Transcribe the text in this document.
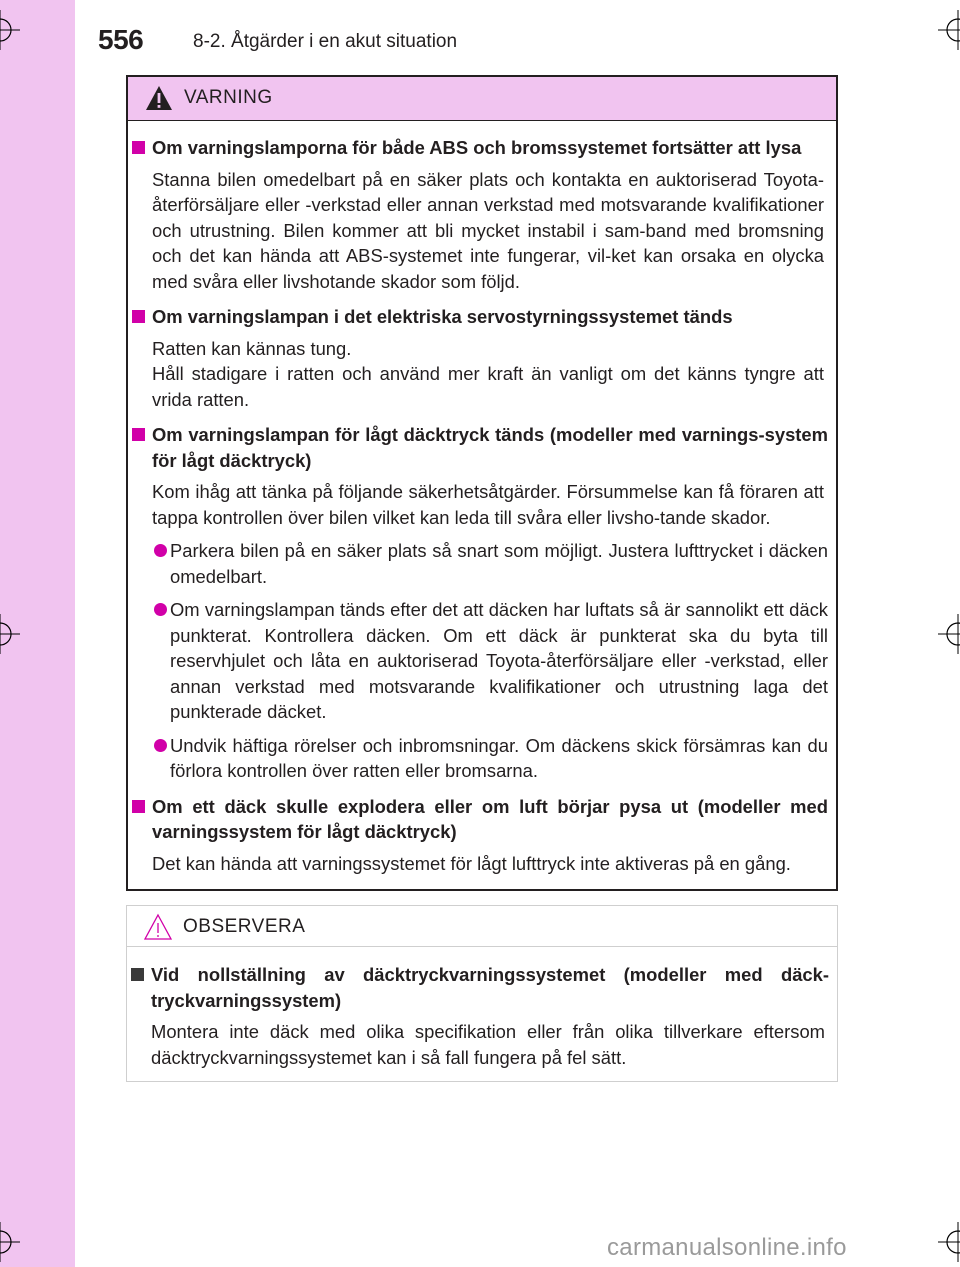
556	8-2. Åtgärder i en akut situation
VARNING
Om varningslamporna för både ABS och bromssystemet fortsätter att lysa
Stanna bilen omedelbart på en säker plats och kontakta en auktoriserad Toyota-återförsäljare eller -verkstad eller annan verkstad med motsvarande kvalifikationer och utrustning. Bilen kommer att bli mycket instabil i sam-band med bromsning och det kan hända att ABS-systemet inte fungerar, vil-ket kan orsaka en olycka med svåra eller livshotande skador som följd.
Om varningslampan i det elektriska servostyrningssystemet tänds
Ratten kan kännas tung.
Håll stadigare i ratten och använd mer kraft än vanligt om det känns tyngre att vrida ratten.
Om varningslampan för lågt däcktryck tänds (modeller med varnings-system för lågt däcktryck)
Kom ihåg att tänka på följande säkerhetsåtgärder. Försummelse kan få föraren att tappa kontrollen över bilen vilket kan leda till svåra eller livsho-tande skador.
Parkera bilen på en säker plats så snart som möjligt. Justera lufttrycket i däcken omedelbart.
Om varningslampan tänds efter det att däcken har luftats så är sannolikt ett däck punkterat. Kontrollera däcken. Om ett däck är punkterat ska du byta till reservhjulet och låta en auktoriserad Toyota-återförsäljare eller -verkstad, eller annan verkstad med motsvarande kvalifikationer och utrustning laga det punkterade däcket.
Undvik häftiga rörelser och inbromsningar. Om däckens skick försämras kan du förlora kontrollen över ratten eller bromsarna.
Om ett däck skulle explodera eller om luft börjar pysa ut (modeller med varningssystem för lågt däcktryck)
Det kan hända att varningssystemet för lågt lufttryck inte aktiveras på en gång.
OBSERVERA
Vid nollställning av däcktryckvarningssystemet (modeller med däck-tryckvarningssystem)
Montera inte däck med olika specifikation eller från olika tillverkare eftersom däcktryckvarningssystemet kan i så fall fungera på fel sätt.
carmanualsonline.info
